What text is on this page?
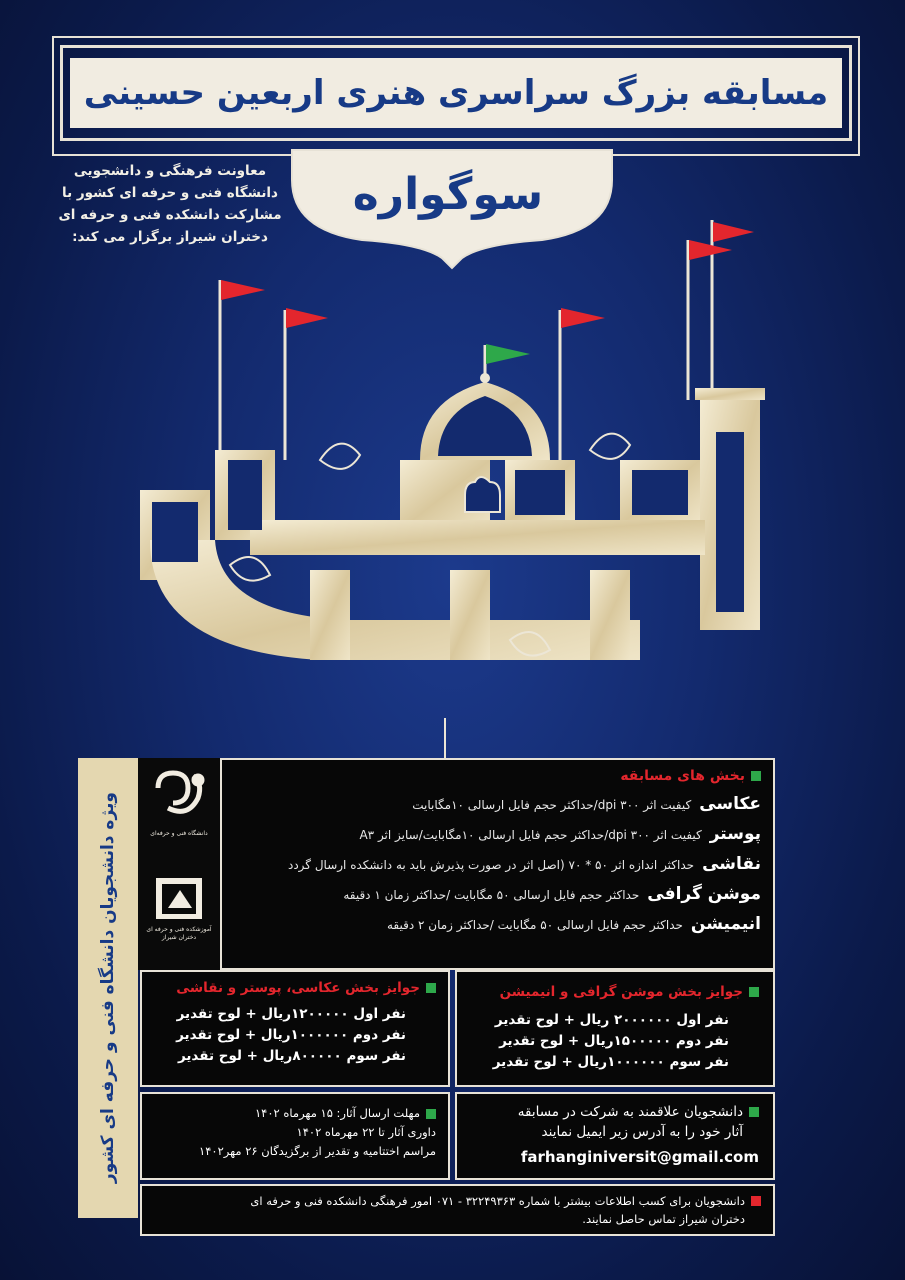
مسابقه بزرگ سراسری هنری اربعین حسینی
سوگواره
معاونت فرهنگی و دانشجویی
دانشگاه فنی و حرفه ای کشور با
مشارکت دانشکده فنی و حرفه ای
دختران شیراز برگزار می کند:
ویژه دانشجویان دانشگاه فنی و حرفه ای کشور	دانشگاه فنی و حرفه‌ای
آموزشکده فنی و حرفه ای دختران شیراز
بخش های مسابقه
عکاسی
کیفیت اثر dpi ۳۰۰/حداکثر حجم فایل ارسالی ۱۰مگابایت
پوستر
کیفیت اثر dpi ۳۰۰/حداکثر حجم فایل ارسالی ۱۰مگابایت/سایز اثر A۳
نقاشی
حداکثر اندازه اثر ۵۰ * ۷۰ (اصل اثر در صورت پذیرش باید به دانشکده ارسال گردد
موشن گرافی
حداکثر حجم فایل ارسالی ۵۰ مگابایت /حداکثر زمان ۱ دقیقه
انیمیشن
حداکثر حجم فایل ارسالی ۵۰ مگابایت /حداکثر زمان ۲ دقیقه
جوایز بخش موشن گرافی و انیمیشن
نفر اول ۲۰۰۰۰۰۰ ریال + لوح تقدیر
نفر دوم ۱۵۰۰۰۰۰ریال + لوح تقدیر
نفر سوم ۱۰۰۰۰۰۰ریال + لوح تقدیر
جوایز بخش عکاسی، پوستر و نقاشی
نفر اول ۱۲۰۰۰۰۰ریال + لوح تقدیر
نفر دوم ۱۰۰۰۰۰۰ریال + لوح تقدیر
نفر سوم ۸۰۰۰۰۰ریال + لوح تقدیر
مهلت ارسال آثار: ۱۵ مهرماه ۱۴۰۲
داوری آثار تا ۲۲ مهرماه ۱۴۰۲
مراسم اختتامیه و تقدیر از برگزیدگان ۲۶ مهر۱۴۰۲
دانشجویان علاقمند به شرکت در مسابقه
آثار خود را به آدرس زیر ایمیل نمایند
farhanginiversit@gmail.com
دانشجویان برای کسب اطلاعات بیشتر با شماره ۳۲۲۴۹۳۶۳ - ۰۷۱ امور فرهنگی دانشکده فنی و حرفه ای
دختران شیراز تماس حاصل نمایند.
